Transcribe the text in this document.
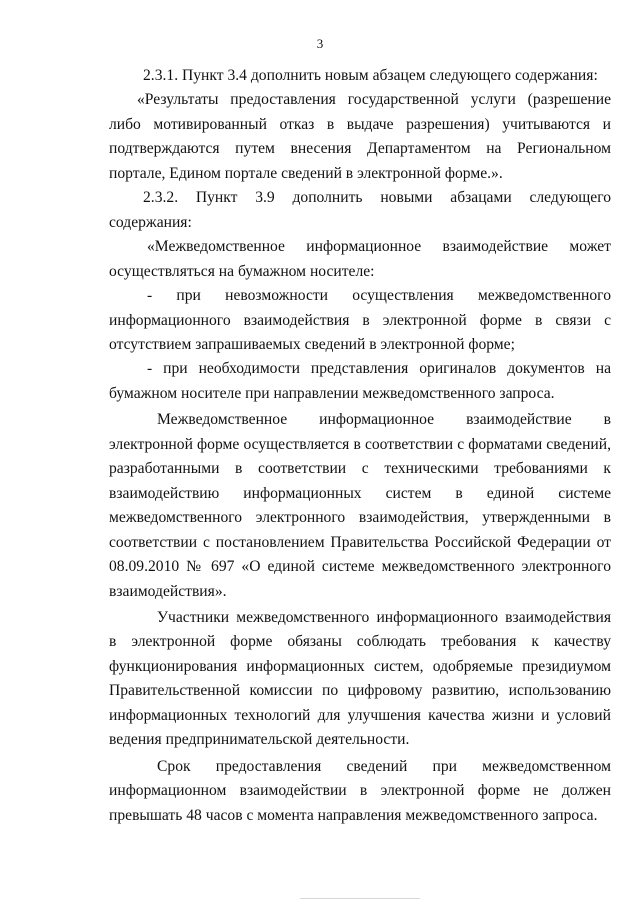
3

2.3.1. Пункт 3.4 дополнить новым абзацем следующего содержания:

«Результаты предоставления государственной услуги (разрешение либо мотивированный отказ в выдаче разрешения) учитываются и подтверждаются путем внесения Департаментом на Региональном портале, Едином портале сведений в электронной форме.».

2.3.2. Пункт 3.9 дополнить новыми абзацами следующего содержания:

«Межведомственное информационное взаимодействие может осуществляться на бумажном носителе:

- при невозможности осуществления межведомственного информационного взаимодействия в электронной форме в связи с отсутствием запрашиваемых сведений в электронной форме;

- при необходимости представления оригиналов документов на бумажном носителе при направлении межведомственного запроса.

Межведомственное информационное взаимодействие в электронной форме осуществляется в соответствии с форматами сведений, разработанными в соответствии с техническими требованиями к взаимодействию информационных систем в единой системе межведомственного электронного взаимодействия, утвержденными в соответствии с постановлением Правительства Российской Федерации от 08.09.2010 № 697 «О единой системе межведомственного электронного взаимодействия».

Участники межведомственного информационного взаимодействия в электронной форме обязаны соблюдать требования к качеству функционирования информационных систем, одобряемые президиумом Правительственной комиссии по цифровому развитию, использованию информационных технологий для улучшения качества жизни и условий ведения предпринимательской деятельности.

Срок предоставления сведений при межведомственном информационном взаимодействии в электронной форме не должен превышать 48 часов с момента направления межведомственного запроса.
